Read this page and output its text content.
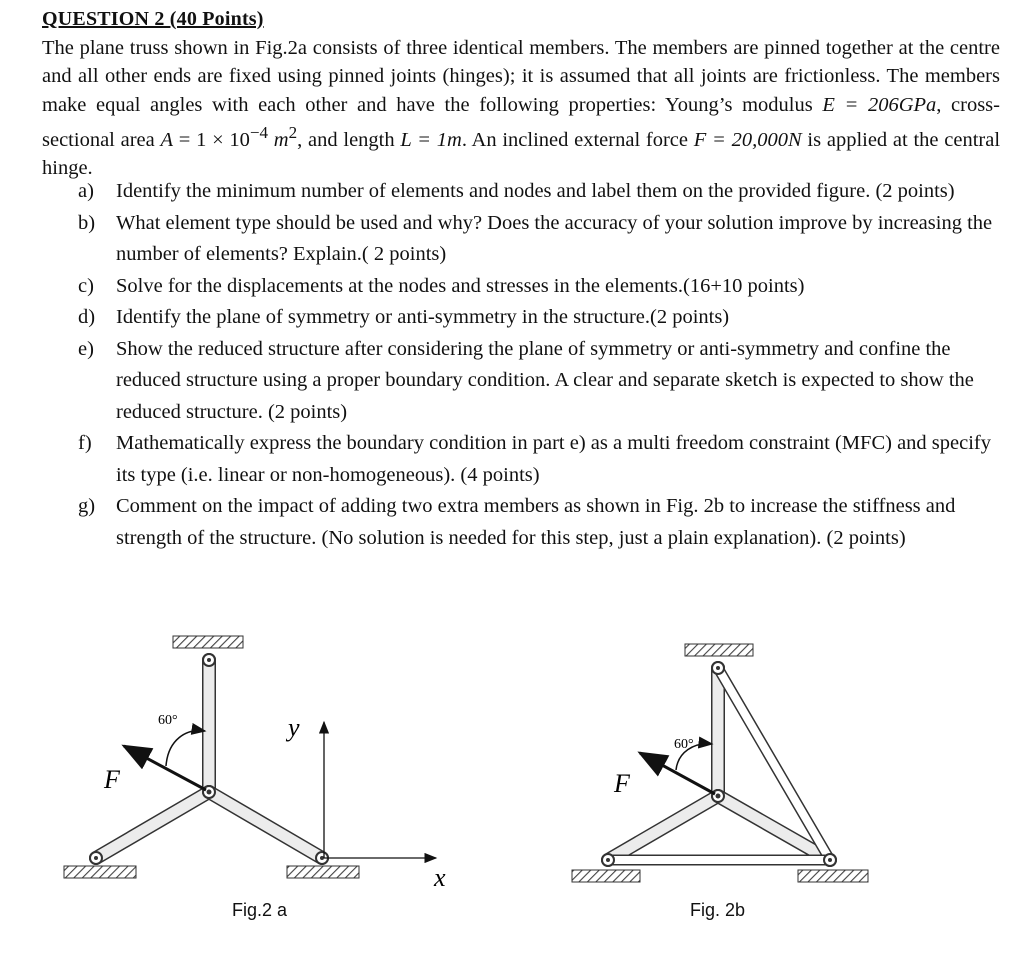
QUESTION 2 (40 Points)
The plane truss shown in Fig.2a consists of three identical members. The members are pinned together at the centre and all other ends are fixed using pinned joints (hinges); it is assumed that all joints are frictionless. The members make equal angles with each other and have the following properties: Young’s modulus E = 206GPa, cross-sectional area $A = 1 \times 10^{-4}$ $m^2$, and length L = 1m. An inclined external force F = 20,000N is applied at the central hinge.
a)	Identify the minimum number of elements and nodes and label them on the provided figure. (2 points)
b)	What element type should be used and why? Does the accuracy of your solution improve by increasing the number of elements? Explain.( 2 points)
c)	Solve for the displacements at the nodes and stresses in the elements.(16+10 points)
d)	Identify the plane of symmetry or anti-symmetry in the structure.(2 points)
e)	Show the reduced structure after considering the plane of symmetry or anti-symmetry and confine the reduced structure using a proper boundary condition. A clear and separate sketch is expected to show the reduced structure. (2 points)
f)	Mathematically express the boundary condition in part e) as a multi freedom constraint (MFC) and specify its type (i.e. linear or non-homogeneous). (4 points)
g)	Comment on the impact of adding two extra members as shown in Fig. 2b to increase the stiffness and strength of the structure. (No solution is needed for this step, just a plain explanation). (2 points)
60°
F
y
x
60°
F
Fig.2 a	Fig. 2b
